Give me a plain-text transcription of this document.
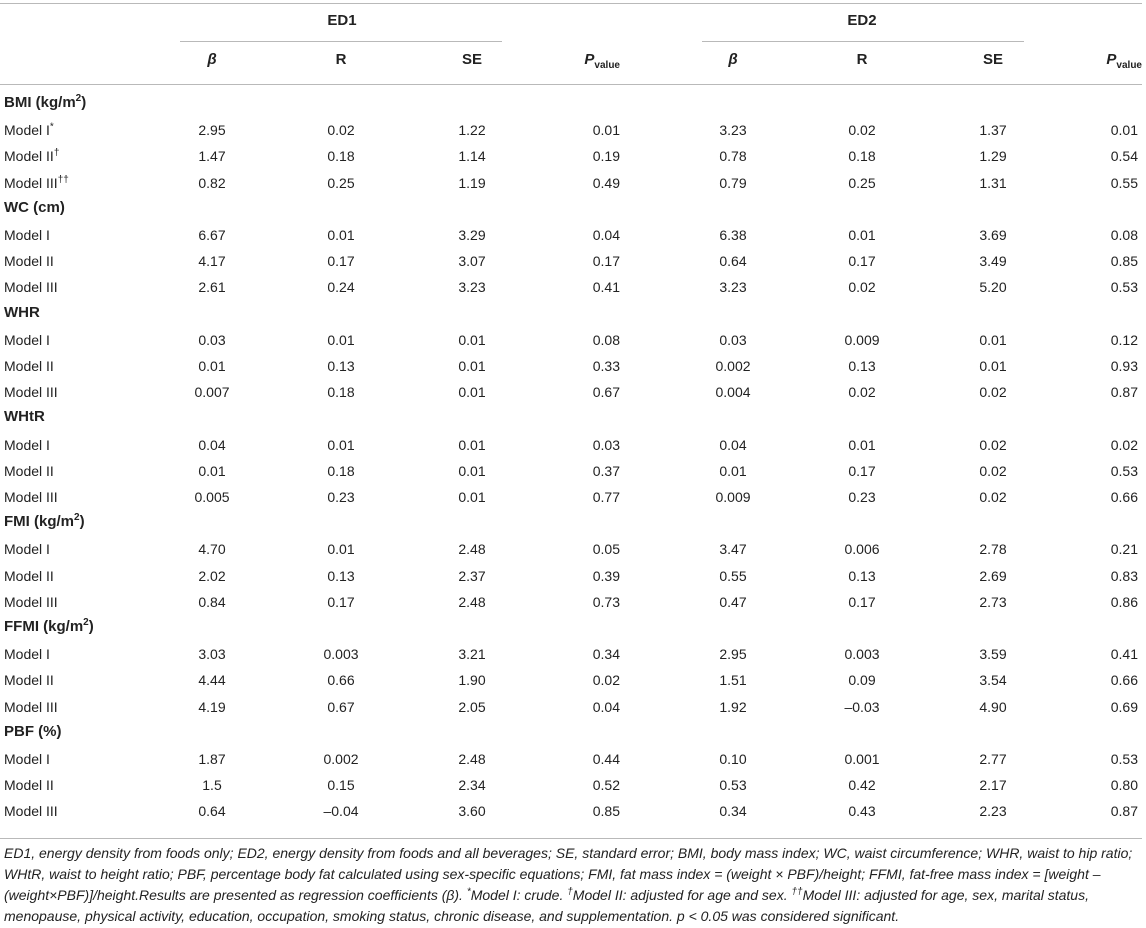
ED1	ED2
β	R	SE	$P_{value}$	β	R	SE	$P_{value}$
BMI $(kg/m^2)$
Model I*	2.95	0.02	1.22	0.01	3.23	0.02	1.37	0.01
Model II†	1.47	0.18	1.14	0.19	0.78	0.18	1.29	0.54
Model III††	0.82	0.25	1.19	0.49	0.79	0.25	1.31	0.55
WC (cm)
Model I	6.67	0.01	3.29	0.04	6.38	0.01	3.69	0.08
Model II	4.17	0.17	3.07	0.17	0.64	0.17	3.49	0.85
Model III	2.61	0.24	3.23	0.41	3.23	0.02	5.20	0.53
WHR
Model I	0.03	0.01	0.01	0.08	0.03	0.009	0.01	0.12
Model II	0.01	0.13	0.01	0.33	0.002	0.13	0.01	0.93
Model III	0.007	0.18	0.01	0.67	0.004	0.02	0.02	0.87
WHtR
Model I	0.04	0.01	0.01	0.03	0.04	0.01	0.02	0.02
Model II	0.01	0.18	0.01	0.37	0.01	0.17	0.02	0.53
Model III	0.005	0.23	0.01	0.77	0.009	0.23	0.02	0.66
FMI $(kg/m^2)$
Model I	4.70	0.01	2.48	0.05	3.47	0.006	2.78	0.21
Model II	2.02	0.13	2.37	0.39	0.55	0.13	2.69	0.83
Model III	0.84	0.17	2.48	0.73	0.47	0.17	2.73	0.86
FFMI $(kg/m^2)$
Model I	3.03	0.003	3.21	0.34	2.95	0.003	3.59	0.41
Model II	4.44	0.66	1.90	0.02	1.51	0.09	3.54	0.66
Model III	4.19	0.67	2.05	0.04	1.92	–0.03	4.90	0.69
PBF (%)
Model I	1.87	0.002	2.48	0.44	0.10	0.001	2.77	0.53
Model II	1.5	0.15	2.34	0.52	0.53	0.42	2.17	0.80
Model III	0.64	–0.04	3.60	0.85	0.34	0.43	2.23	0.87
ED1, energy density from foods only; ED2, energy density from foods and all beverages; SE, standard error; BMI, body mass index; WC, waist circumference; WHR, waist to hip ratio; WHtR, waist to height ratio; PBF, percentage body fat calculated using sex-specific equations; FMI, fat mass index = (weight × PBF)/height; FFMI, fat-free mass index = [weight – (weight×PBF)]/height.Results are presented as regression coefficients (β). *Model I: crude. †Model II: adjusted for age and sex. ††Model III: adjusted for age, sex, marital status, menopause, physical activity, education, occupation, smoking status, chronic disease, and supplementation. p < 0.05 was considered significant.
